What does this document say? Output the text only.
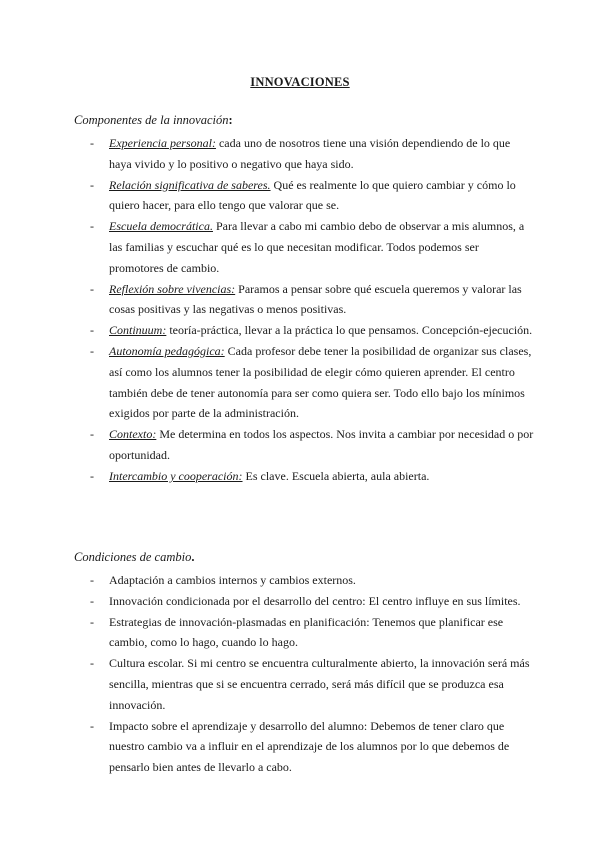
INNOVACIONES
Componentes de la innovación:
- Experiencia personal: cada uno de nosotros tiene una visión dependiendo de lo que haya vivido y lo positivo o negativo que haya sido.
- Relación significativa de saberes. Qué es realmente lo que quiero cambiar y cómo lo quiero hacer, para ello tengo que valorar que se.
- Escuela democrática. Para llevar a cabo mi cambio debo de observar a mis alumnos, a las familias y escuchar qué es lo que necesitan modificar. Todos podemos ser promotores de cambio.
- Reflexión sobre vivencias: Paramos a pensar sobre qué escuela queremos y valorar las cosas positivas y las negativas o menos positivas.
- Continuum: teoría-práctica, llevar a la práctica lo que pensamos. Concepción-ejecución.
- Autonomía pedagógica: Cada profesor debe tener la posibilidad de organizar sus clases, así como los alumnos tener la posibilidad de elegir cómo quieren aprender. El centro también debe de tener autonomía para ser como quiera ser. Todo ello bajo los mínimos exigidos por parte de la administración.
- Contexto: Me determina en todos los aspectos. Nos invita a cambiar por necesidad o por oportunidad.
- Intercambio y cooperación: Es clave. Escuela abierta, aula abierta.
Condiciones de cambio.
- Adaptación a cambios internos y cambios externos.
- Innovación condicionada por el desarrollo del centro: El centro influye en sus límites.
- Estrategias de innovación-plasmadas en planificación: Tenemos que planificar ese cambio, como lo hago, cuando lo hago.
- Cultura escolar. Si mi centro se encuentra culturalmente abierto, la innovación será más sencilla, mientras que si se encuentra cerrado, será más difícil que se produzca esa innovación.
- Impacto sobre el aprendizaje y desarrollo del alumno: Debemos de tener claro que nuestro cambio va a influir en el aprendizaje de los alumnos por lo que debemos de pensarlo bien antes de llevarlo a cabo.
